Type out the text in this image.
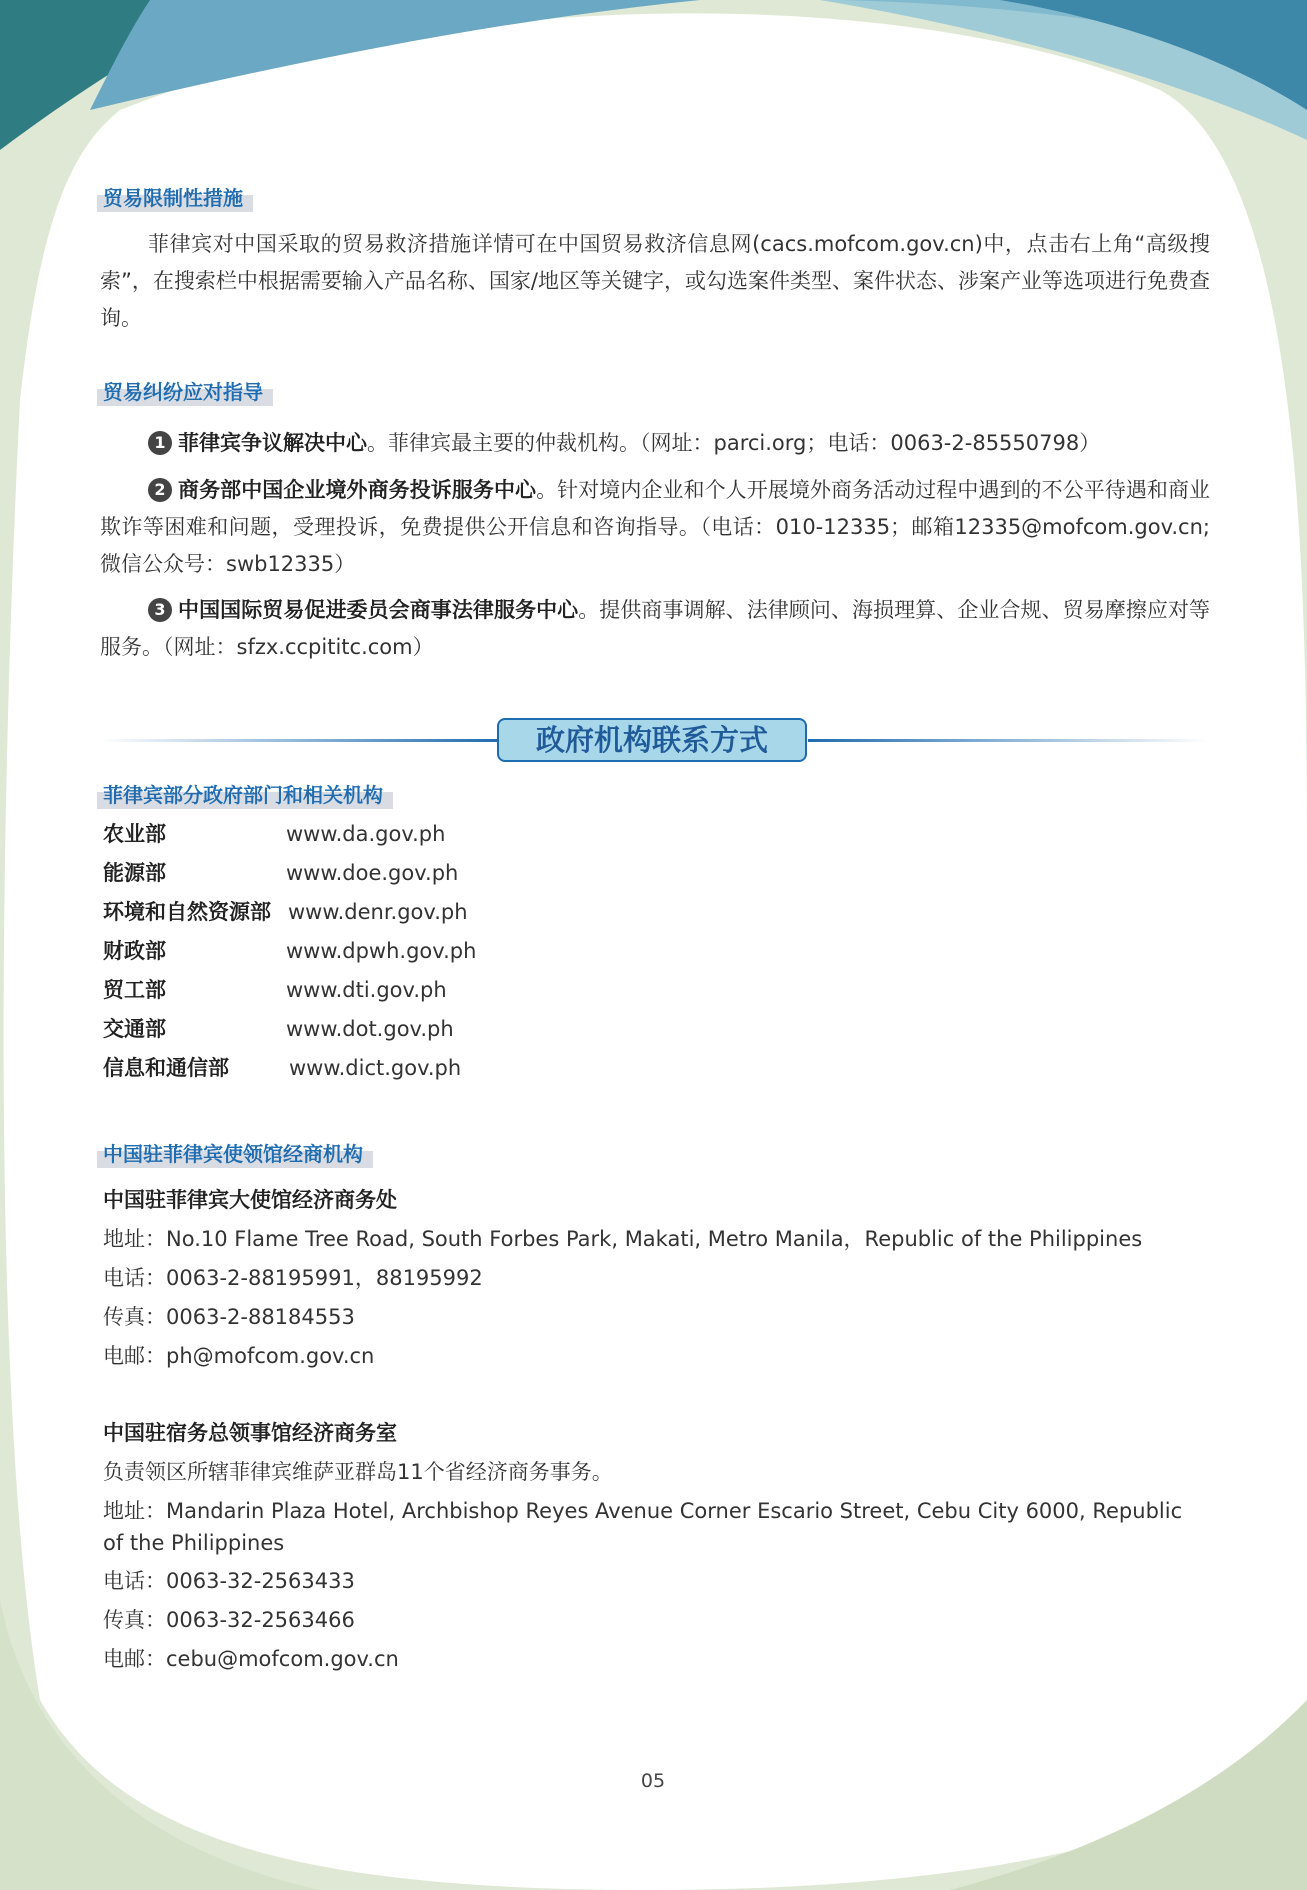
贸易限制性措施
菲律宾对中国采取的贸易救济措施详情可在中国贸易救济信息网(cacs.mofcom.gov.cn)中，点击右上角“高级搜索”，在搜索栏中根据需要输入产品名称、国家/地区等关键字，或勾选案件类型、案件状态、涉案产业等选项进行免费查询。
贸易纠纷应对指导
1 菲律宾争议解决中心。菲律宾最主要的仲裁机构。（网址：parci.org；电话：0063-2-85550798）
2 商务部中国企业境外商务投诉服务中心。针对境内企业和个人开展境外商务活动过程中遇到的不公平待遇和商业欺诈等困难和问题，受理投诉，免费提供公开信息和咨询指导。（电话：010-12335；邮箱12335@mofcom.gov.cn; 微信公众号：swb12335）
3 中国国际贸易促进委员会商事法律服务中心。提供商事调解、法律顾问、海损理算、企业合规、贸易摩擦应对等服务。（网址：sfzx.ccpititc.com）
政府机构联系方式
菲律宾部分政府部门和相关机构
农业部	www.da.gov.ph
能源部	www.doe.gov.ph
环境和自然资源部 www.denr.gov.ph
财政部	www.dpwh.gov.ph
贸工部	www.dti.gov.ph
交通部	www.dot.gov.ph
信息和通信部	www.dict.gov.ph
中国驻菲律宾使领馆经商机构
中国驻菲律宾大使馆经济商务处
地址：No.10 Flame Tree Road, South Forbes Park, Makati, Metro Manila，Republic of the Philippines
电话：0063-2-88195991，88195992
传真：0063-2-88184553
电邮：ph@mofcom.gov.cn
中国驻宿务总领事馆经济商务室
负责领区所辖菲律宾维萨亚群岛11个省经济商务事务。
地址：Mandarin Plaza Hotel, Archbishop Reyes Avenue Corner Escario Street, Cebu City 6000, Republic of the Philippines
电话：0063-32-2563433
传真：0063-32-2563466
电邮：cebu@mofcom.gov.cn
05
